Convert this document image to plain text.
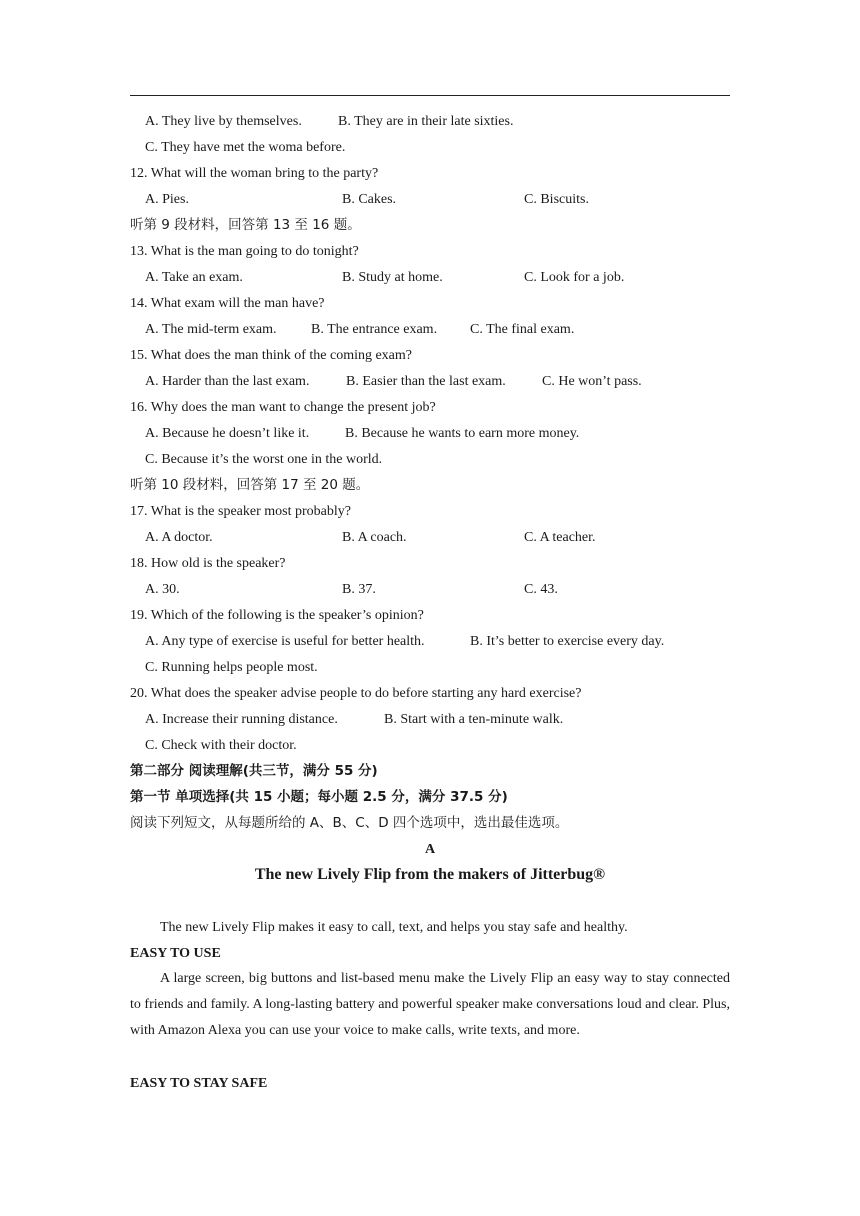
A. They live by themselves.	B. They are in their late sixties.
C. They have met the woma before.
12. What will the woman bring to the party?
A. Pies.	B. Cakes.	C. Biscuits.
听第 9 段材料，回答第 13 至 16 题。
13. What is the man going to do tonight?
A. Take an exam.	B. Study at home.	C. Look for a job.
14. What exam will the man have?
A. The mid-term exam. B. The entrance exam. C. The final exam.
15. What does the man think of the coming exam?
A. Harder than the last exam.	B. Easier than the last exam.	C. He won’t pass.
16. Why does the man want to change the present job?
A. Because he doesn’t like it.	B. Because he wants to earn more money.
C. Because it’s the worst one in the world.
听第 10 段材料，回答第 17 至 20 题。
17. What is the speaker most probably?
A. A doctor.	B. A coach.	C. A teacher.
18. How old is the speaker?
A. 30.	B. 37.	C. 43.
19. Which of the following is the speaker’s opinion?
A. Any type of exercise is useful for better health.	B. It’s better to exercise every day.
C. Running helps people most.
20. What does the speaker advise people to do before starting any hard exercise?
A. Increase their running distance.	B. Start with a ten-minute walk.
C. Check with their doctor.
第二部分 阅读理解(共三节，满分 55 分)
第一节 单项选择(共 15 小题；每小题 2.5 分，满分 37.5 分)
阅读下列短文，从每题所给的 A、B、C、D 四个选项中，选出最佳选项。
A
The new Lively Flip from the makers of Jitterbug®
The new Lively Flip makes it easy to call, text, and helps you stay safe and healthy.
EASY TO USE
A large screen, big buttons and list-based menu make the Lively Flip an easy way to stay connected to friends and family. A long-lasting battery and powerful speaker make conversations loud and clear. Plus, with Amazon Alexa you can use your voice to make calls, write texts, and more.
EASY TO STAY SAFE
